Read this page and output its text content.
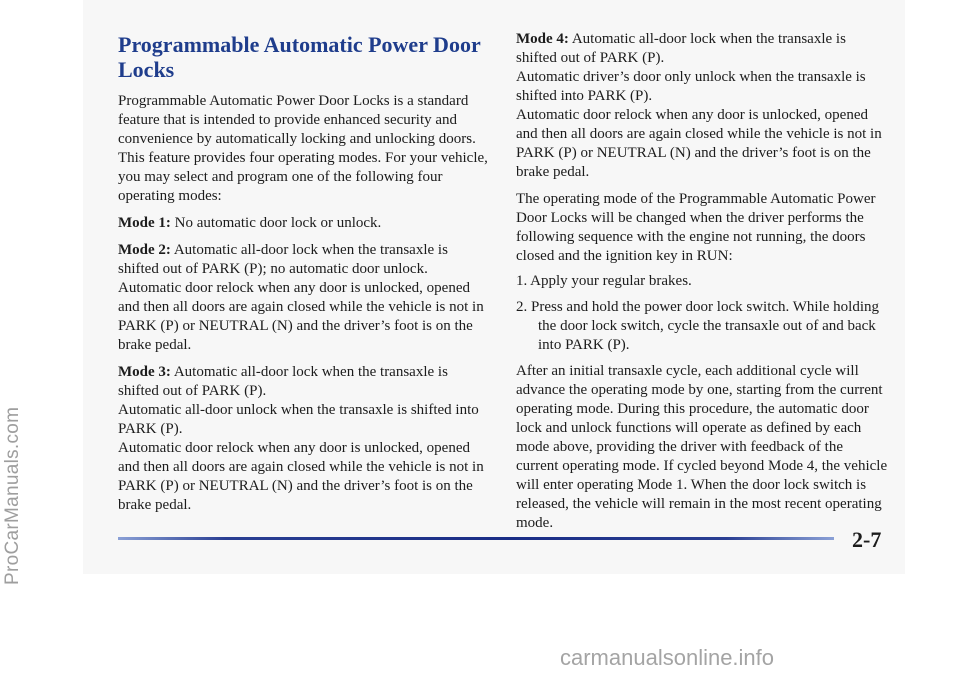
Programmable Automatic Power Door Locks

Programmable Automatic Power Door Locks is a standard feature that is intended to provide enhanced security and convenience by automatically locking and unlocking doors. This feature provides four operating modes. For your vehicle, you may select and program one of the following four operating modes:

Mode 1: No automatic door lock or unlock.

Mode 2: Automatic all-door lock when the transaxle is shifted out of PARK (P); no automatic door unlock.

Automatic door relock when any door is unlocked, opened and then all doors are again closed while the vehicle is not in PARK (P) or NEUTRAL (N) and the driver’s foot is on the brake pedal.

Mode 3: Automatic all-door lock when the transaxle is shifted out of PARK (P).

Automatic all-door unlock when the transaxle is shifted into PARK (P).

Automatic door relock when any door is unlocked, opened and then all doors are again closed while the vehicle is not in PARK (P) or NEUTRAL (N) and the driver’s foot is on the brake pedal.

Mode 4: Automatic all-door lock when the transaxle is shifted out of PARK (P).

Automatic driver’s door only unlock when the transaxle is shifted into PARK (P).

Automatic door relock when any door is unlocked, opened and then all doors are again closed while the vehicle is not in PARK (P) or NEUTRAL (N) and the driver’s foot is on the brake pedal.

The operating mode of the Programmable Automatic Power Door Locks will be changed when the driver performs the following sequence with the engine not running, the doors closed and the ignition key in RUN:

1. Apply your regular brakes.
2. Press and hold the power door lock switch. While holding the door lock switch, cycle the transaxle out of and back into PARK (P).

After an initial transaxle cycle, each additional cycle will advance the operating mode by one, starting from the current operating mode. During this procedure, the automatic door lock and unlock functions will operate as defined by each mode above, providing the driver with feedback of the current operating mode. If cycled beyond Mode 4, the vehicle will enter operating Mode 1. When the door lock switch is released, the vehicle will remain in the most recent operating mode.

2-7
ProCarManuals.com
carmanualsonline.info
